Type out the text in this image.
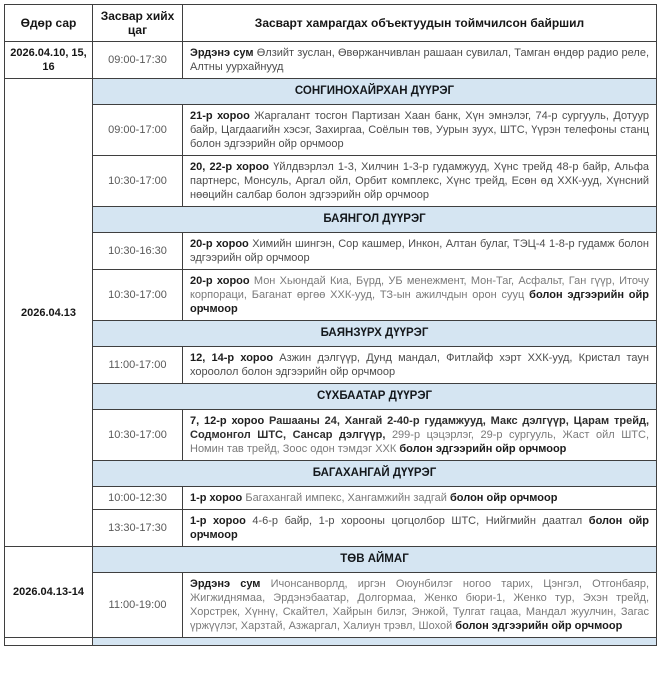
Өдөр сар	Засвар хийх цаг	Засварт хамрагдах объектуудын тоймчилсон байршил
2026.04.10, 15, 16	09:00-17:30	Эрдэнэ сум Өлзийт зуслан, Өвөржанчивлан рашаан сувилал, Тамган өндөр радио реле, Алтны уурхайнууд
2026.04.13	СОНГИНОХАЙРХАН ДҮҮРЭГ	
	09:00-17:00	21-р хороо Жаргалант тосгон Партизан Хаан банк, Хүн эмнэлэг, 74-р сургууль, Дотуур байр, Цагдаагийн хэсэг, Захиргаа, Соёлын төв, Уурын зуух, ШТС, Үүрэн телефоны станц болон эдгээрийн ойр орчмоор
	10:30-17:00	20, 22-р хороо Үйлдвэрлэл 1-3, Хилчин 1-3-р гудамжууд, Хүнс трейд 48-р байр, Альфа партнерс, Монсуль, Аргал ойл, Орбит комплекс, Хүнс трейд, Есөн өд ХХК-ууд, Хүнсний нөөцийн салбар болон эдгээрийн ойр орчмоор
	БАЯНГОЛ ДҮҮРЭГ	
	10:30-16:30	20-р хороо Химийн шингэн, Сор кашмер, Инкон, Алтан булаг, ТЭЦ-4 1-8-р гудамж болон эдгээрийн ойр орчмоор
	10:30-17:00	20-р хороо Мон Хьюндай Киа, Бүрд, УБ менежмент, Мон-Таг, Асфальт, Ган гүүр, Иточу корпораци, Баганат өргөө ХХК-ууд, ТЗ-ын ажилчдын орон сууц болон эдгээрийн ойр орчмоор
	БАЯНЗҮРХ ДҮҮРЭГ	
	11:00-17:00	12, 14-р хороо Азжин дэлгүүр, Дунд мандал, Фитлайф хэрт ХХК-ууд, Кристал таун хороолол болон эдгээрийн ойр орчмоор
	СҮХБААТАР ДҮҮРЭГ	
	10:30-17:00	7, 12-р хороо Рашааны 24, Хангай 2-40-р гудамжууд, Макс дэлгүүр, Царам трейд, Содмонгол ШТС, Сансар дэлгүүр, 299-р цэцэрлэг, 29-р сургууль, Жаст ойл ШТС, Номин тав трейд, Зоос одон тэмдэг ХХК болон эдгээрийн ойр орчмоор
	БАГАХАНГАЙ ДҮҮРЭГ	
	10:00-12:30	1-р хороо Багахангай импекс, Хангамжийн задгай болон ойр орчмоор
	13:30-17:30	1-р хороо 4-6-р байр, 1-р хорооны цогцолбор ШТС, Нийгмийн даатгал болон ойр орчмоор
2026.04.13-14	ТӨВ АЙМАГ	
	11:00-19:00	Эрдэнэ сум Ичонсанворлд, иргэн Оюунбилэг ногоо тарих, Цэнгэл, Отгонбаяр, Жигжиднямаа, Эрдэнэбаатар, Долгормаа, Женко бюри-1, Женко тур, Эхэн трейд, Хорстрек, Хүннү, Скайтел, Хайрын билэг, Энжой, Тулгат гацаа, Мандал жуулчин, Загас үржүүлэг, Харзтай, Азжаргал, Халиун трэвл, Шохой болон эдгээрийн ойр орчмоор
